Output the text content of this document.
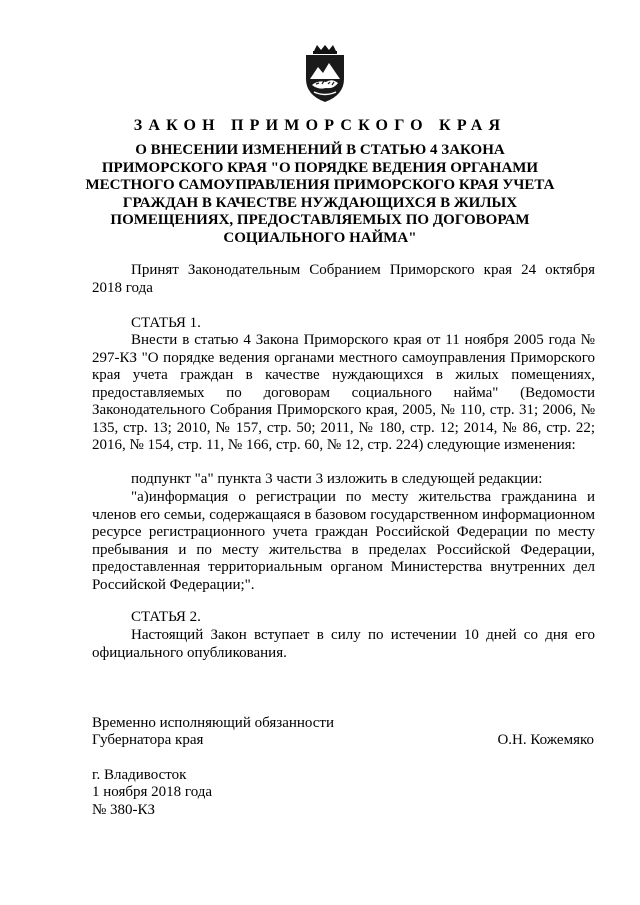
ЗАКОН ПРИМОРСКОГО КРАЯ
О ВНЕСЕНИИ ИЗМЕНЕНИЙ В СТАТЬЮ 4 ЗАКОНА ПРИМОРСКОГО КРАЯ "О ПОРЯДКЕ ВЕДЕНИЯ ОРГАНАМИ МЕСТНОГО САМОУПРАВЛЕНИЯ ПРИМОРСКОГО КРАЯ УЧЕТА ГРАЖДАН В КАЧЕСТВЕ НУЖДАЮЩИХСЯ В ЖИЛЫХ ПОМЕЩЕНИЯХ, ПРЕДОСТАВЛЯЕМЫХ ПО ДОГОВОРАМ СОЦИАЛЬНОГО НАЙМА"
Принят Законодательным Собранием Приморского края 24 октября 2018 года
СТАТЬЯ 1.
Внести в статью 4 Закона Приморского края от 11 ноября 2005 года № 297-КЗ "О порядке ведения органами местного самоуправления Приморского края учета граждан в качестве нуждающихся в жилых помещениях, предоставляемых по договорам социального найма" (Ведомости Законодательного Собрания Приморского края, 2005, № 110, стр. 31; 2006, № 135, стр. 13; 2010, № 157, стр. 50; 2011, № 180, стр. 12; 2014, № 86, стр. 22; 2016, № 154, стр. 11, № 166, стр. 60, № 12, стр. 224) следующие изменения:
подпункт "а" пункта 3 части 3 изложить в следующей редакции:
"а)информация о регистрации по месту жительства гражданина и членов его семьи, содержащаяся в базовом государственном информационном ресурсе регистрационного учета граждан Российской Федерации по месту пребывания и по месту жительства в пределах Российской Федерации, предоставленная территориальным органом Министерства внутренних дел Российской Федерации;".
СТАТЬЯ 2.
Настоящий Закон вступает в силу по истечении 10 дней со дня его официального опубликования.
Временно исполняющий обязанности
Губернатора края	О.Н. Кожемяко
г. Владивосток
1 ноября 2018 года
№ 380-КЗ
